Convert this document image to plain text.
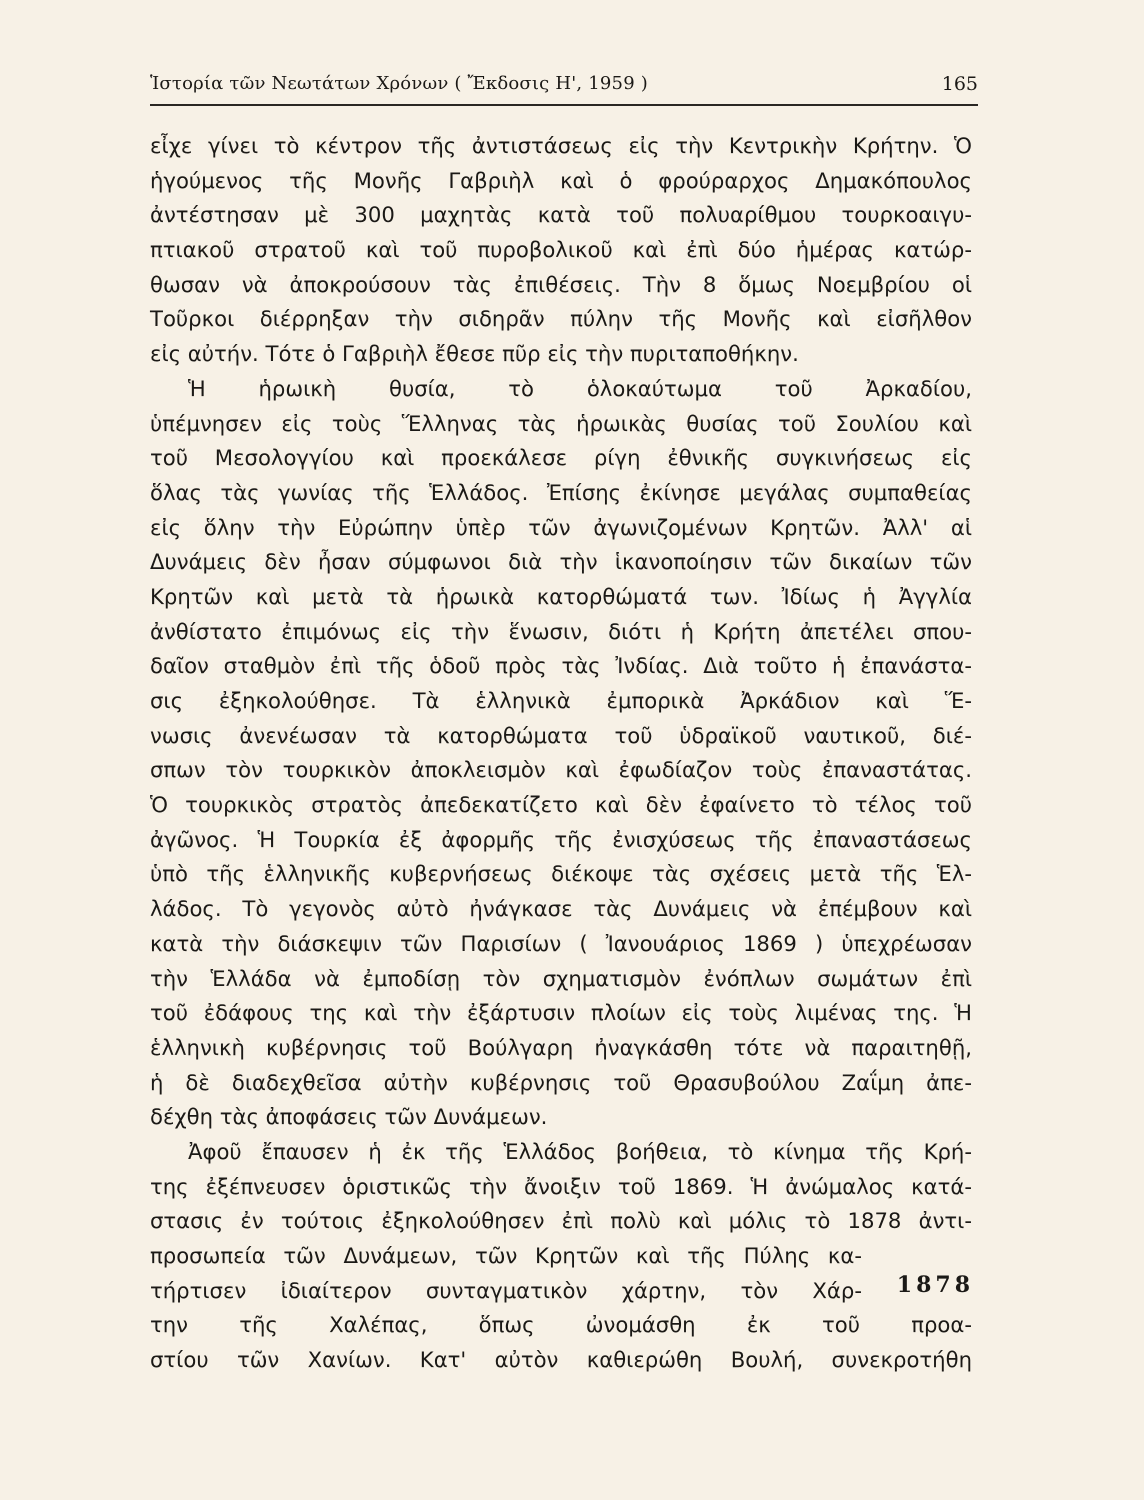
Ἱστορία τῶν Νεωτάτων Χρόνων ( Ἔκδοσις Η', 1959 )	165
εἶχε γίνει τὸ κέντρον τῆς ἀντιστάσεως εἰς τὴν Κεντρικὴν Κρήτην. Ὁ
ἡγούμενος τῆς Μονῆς Γαβριὴλ καὶ ὁ φρούραρχος Δημακόπουλος
ἀντέστησαν μὲ 300 μαχητὰς κατὰ τοῦ πολυαρίθμου τουρκοαιγυ-
πτιακοῦ στρατοῦ καὶ τοῦ πυροβολικοῦ καὶ ἐπὶ δύο ἡμέρας κατώρ-
θωσαν νὰ ἀποκρούσουν τὰς ἐπιθέσεις. Τὴν 8 ὅμως Νοεμβρίου οἱ
Τοῦρκοι διέρρηξαν τὴν σιδηρᾶν πύλην τῆς Μονῆς καὶ εἰσῆλθον
εἰς αὐτήν. Τότε ὁ Γαβριὴλ ἔθεσε πῦρ εἰς τὴν πυριταποθήκην.
Ἡ ἡρωικὴ θυσία, τὸ ὁλοκαύτωμα τοῦ Ἀρκαδίου,
ὑπέμνησεν εἰς τοὺς Ἕλληνας τὰς ἡρωικὰς θυσίας τοῦ Σουλίου καὶ
τοῦ Μεσολογγίου καὶ προεκάλεσε ρίγη ἐθνικῆς συγκινήσεως εἰς
ὅλας τὰς γωνίας τῆς Ἑλλάδος. Ἐπίσης ἐκίνησε μεγάλας συμπαθείας
εἰς ὅλην τὴν Εὐρώπην ὑπὲρ τῶν ἀγωνιζομένων Κρητῶν. Ἀλλ' αἱ
Δυνάμεις δὲν ἦσαν σύμφωνοι διὰ τὴν ἱκανοποίησιν τῶν δικαίων τῶν
Κρητῶν καὶ μετὰ τὰ ἡρωικὰ κατορθώματά των. Ἰδίως ἡ Ἀγγλία
ἀνθίστατο ἐπιμόνως εἰς τὴν ἕνωσιν, διότι ἡ Κρήτη ἀπετέλει σπου-
δαῖον σταθμὸν ἐπὶ τῆς ὁδοῦ πρὸς τὰς Ἰνδίας. Διὰ τοῦτο ἡ ἐπανάστα-
σις ἐξηκολούθησε. Τὰ ἑλληνικὰ ἐμπορικὰ Ἀρκάδιον καὶ Ἕ-
νωσις ἀνενέωσαν τὰ κατορθώματα τοῦ ὑδραϊκοῦ ναυτικοῦ, διέ-
σπων τὸν τουρκικὸν ἀποκλεισμὸν καὶ ἐφωδίαζον τοὺς ἐπαναστάτας.
Ὁ τουρκικὸς στρατὸς ἀπεδεκατίζετο καὶ δὲν ἐφαίνετο τὸ τέλος τοῦ
ἀγῶνος. Ἡ Τουρκία ἐξ ἀφορμῆς τῆς ἐνισχύσεως τῆς ἐπαναστάσεως
ὑπὸ τῆς ἑλληνικῆς κυβερνήσεως διέκοψε τὰς σχέσεις μετὰ τῆς Ἑλ-
λάδος. Τὸ γεγονὸς αὐτὸ ἠνάγκασε τὰς Δυνάμεις νὰ ἐπέμβουν καὶ
κατὰ τὴν διάσκεψιν τῶν Παρισίων ( Ἰανουάριος 1869 ) ὑπεχρέωσαν
τὴν Ἑλλάδα νὰ ἐμποδίσῃ τὸν σχηματισμὸν ἐνόπλων σωμάτων ἐπὶ
τοῦ ἐδάφους της καὶ τὴν ἐξάρτυσιν πλοίων εἰς τοὺς λιμένας της. Ἡ
ἑλληνικὴ κυβέρνησις τοῦ Βούλγαρη ἠναγκάσθη τότε νὰ παραιτηθῇ,
ἡ δὲ διαδεχθεῖσα αὐτὴν κυβέρνησις τοῦ Θρασυβούλου Ζαΐμη ἀπε-
δέχθη τὰς ἀποφάσεις τῶν Δυνάμεων.
Ἀφοῦ ἔπαυσεν ἡ ἐκ τῆς Ἑλλάδος βοήθεια, τὸ κίνημα τῆς Κρή-
της ἐξέπνευσεν ὁριστικῶς τὴν ἄνοιξιν τοῦ 1869. Ἡ ἀνώμαλος κατά-
στασις ἐν τούτοις ἐξηκολούθησεν ἐπὶ πολὺ καὶ μόλις τὸ 1878 ἀντι-
προσωπεία τῶν Δυνάμεων, τῶν Κρητῶν καὶ τῆς Πύλης κα-
τήρτισεν ἰδιαίτερον συνταγματικὸν χάρτην, τὸν Χάρ-
την τῆς Χαλέπας, ὅπως ὠνομάσθη ἐκ τοῦ προα-
στίου τῶν Χανίων. Κατ' αὐτὸν καθιερώθη Βουλή, συνεκροτήθη
1878
